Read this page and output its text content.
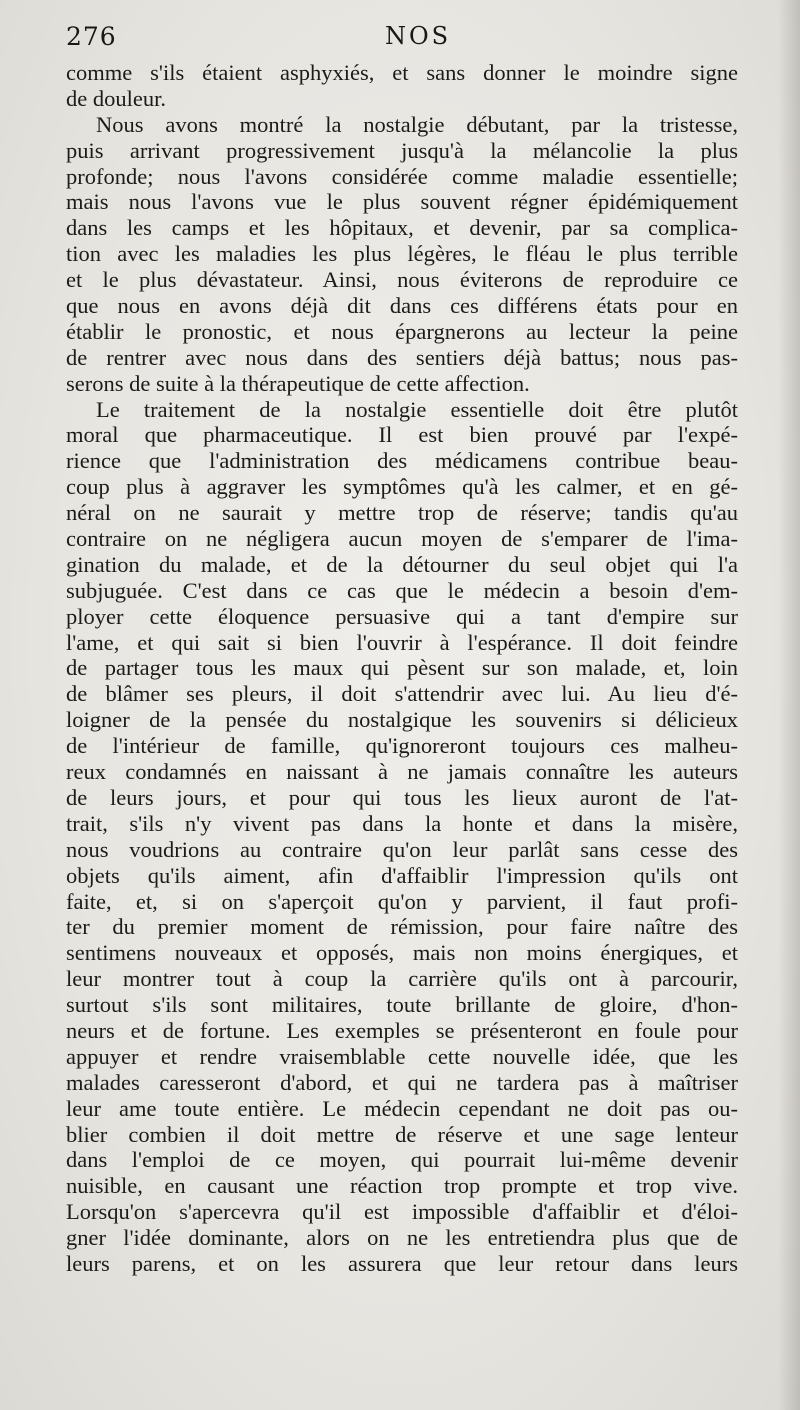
276	NOS
comme s'ils étaient asphyxiés, et sans donner le moindre signe
de douleur.
Nous avons montré la nostalgie débutant, par la tristesse,
puis arrivant progressivement jusqu'à la mélancolie la plus
profonde; nous l'avons considérée comme maladie essentielle;
mais nous l'avons vue le plus souvent régner épidémiquement
dans les camps et les hôpitaux, et devenir, par sa complica-
tion avec les maladies les plus légères, le fléau le plus terrible
et le plus dévastateur. Ainsi, nous éviterons de reproduire ce
que nous en avons déjà dit dans ces différens états pour en
établir le pronostic, et nous épargnerons au lecteur la peine
de rentrer avec nous dans des sentiers déjà battus; nous pas-
serons de suite à la thérapeutique de cette affection.
Le traitement de la nostalgie essentielle doit être plutôt
moral que pharmaceutique. Il est bien prouvé par l'expé-
rience que l'administration des médicamens contribue beau-
coup plus à aggraver les symptômes qu'à les calmer, et en gé-
néral on ne saurait y mettre trop de réserve; tandis qu'au
contraire on ne négligera aucun moyen de s'emparer de l'ima-
gination du malade, et de la détourner du seul objet qui l'a
subjuguée. C'est dans ce cas que le médecin a besoin d'em-
ployer cette éloquence persuasive qui a tant d'empire sur
l'ame, et qui sait si bien l'ouvrir à l'espérance. Il doit feindre
de partager tous les maux qui pèsent sur son malade, et, loin
de blâmer ses pleurs, il doit s'attendrir avec lui. Au lieu d'é-
loigner de la pensée du nostalgique les souvenirs si délicieux
de l'intérieur de famille, qu'ignoreront toujours ces malheu-
reux condamnés en naissant à ne jamais connaître les auteurs
de leurs jours, et pour qui tous les lieux auront de l'at-
trait, s'ils n'y vivent pas dans la honte et dans la misère,
nous voudrions au contraire qu'on leur parlât sans cesse des
objets qu'ils aiment, afin d'affaiblir l'impression qu'ils ont
faite, et, si on s'aperçoit qu'on y parvient, il faut profi-
ter du premier moment de rémission, pour faire naître des
sentimens nouveaux et opposés, mais non moins énergiques, et
leur montrer tout à coup la carrière qu'ils ont à parcourir,
surtout s'ils sont militaires, toute brillante de gloire, d'hon-
neurs et de fortune. Les exemples se présenteront en foule pour
appuyer et rendre vraisemblable cette nouvelle idée, que les
malades caresseront d'abord, et qui ne tardera pas à maîtriser
leur ame toute entière. Le médecin cependant ne doit pas ou-
blier combien il doit mettre de réserve et une sage lenteur
dans l'emploi de ce moyen, qui pourrait lui-même devenir
nuisible, en causant une réaction trop prompte et trop vive.
Lorsqu'on s'apercevra qu'il est impossible d'affaiblir et d'éloi-
gner l'idée dominante, alors on ne les entretiendra plus que de
leurs parens, et on les assurera que leur retour dans leurs
